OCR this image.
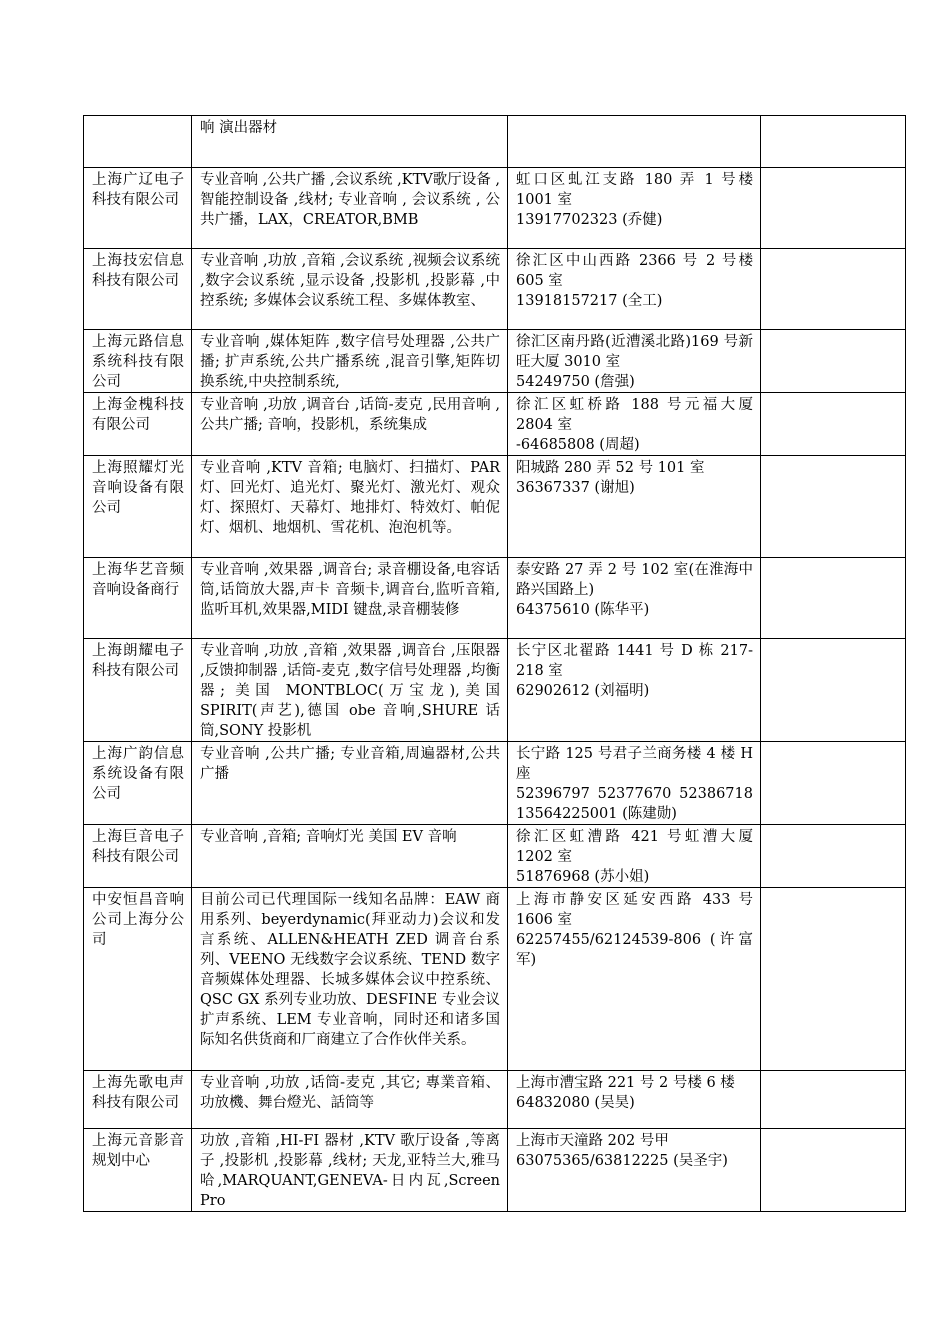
	响 演出器材		

上海广辽电子科技有限公司	专业音响 ,公共广播 ,会议系统 ,KTV歌厅设备 ,智能控制设备 ,线材; 专业音响 , 会议系统 , 公共广播，LAX，CREATOR,BMB	虹口区虬江支路 180 弄 1 号楼 1001 室
13917702323 (乔健)	

上海技宏信息科技有限公司	专业音响 ,功放 ,音箱 ,会议系统 ,视频会议系统 ,数字会议系统 ,显示设备 ,投影机 ,投影幕 ,中控系统; 多媒体会议系统工程、多媒体教室、	徐汇区中山西路 2366 号 2 号楼 605 室
13918157217 (全工)	

上海元路信息系统科技有限公司	专业音响 ,媒体矩阵 ,数字信号处理器 ,公共广播; 扩声系统,公共广播系统 ,混音引擎,矩阵切换系统,中央控制系统,	徐汇区南丹路(近漕溪北路)169 号新旺大厦 3010 室
54249750 (詹强)	

上海金槐科技有限公司	专业音响 ,功放 ,调音台 ,话筒-麦克 ,民用音响 ,公共广播; 音响，投影机，系统集成	徐汇区虹桥路 188 号元福大厦 2804 室
-64685808 (周超)	

上海照耀灯光音响设备有限公司	专业音响 ,KTV 音箱; 电脑灯、扫描灯、PAR 灯、回光灯、追光灯、聚光灯、激光灯、观众灯、探照灯、天幕灯、地排灯、特效灯、帕伲灯、烟机、地烟机、雪花机、泡泡机等。	阳城路 280 弄 52 号 101 室
36367337 (谢旭)	

上海华艺音频音响设备商行	专业音响 ,效果器 ,调音台; 录音棚设备,电容话筒,话筒放大器,声卡 音频卡,调音台,监听音箱,监听耳机,效果器,MIDI 键盘,录音棚装修	泰安路 27 弄 2 号 102 室(在淮海中路兴国路上)
64375610 (陈华平)	

上海朗耀电子科技有限公司	专业音响 ,功放 ,音箱 ,效果器 ,调音台 ,压限器 ,反馈抑制器 ,话筒-麦克 ,数字信号处理器 ,均衡器; 美国 MONTBLOC(万宝龙),美国 SPIRIT(声艺),德国 obe 音响,SHURE 话筒,SONY 投影机	长宁区北翟路 1441 号 D 栋 217-218 室
62902612 (刘福明)	

上海广韵信息系统设备有限公司	专业音响 ,公共广播; 专业音箱,周遍器材,公共广播	长宁路 125 号君子兰商务楼 4 楼 H 座
52396797 52377670 52386718 13564225001 (陈建勋)	

上海巨音电子科技有限公司	专业音响 ,音箱; 音响灯光 美国 EV 音响	徐汇区虹漕路 421 号虹漕大厦 1202 室
51876968 (苏小姐)	

中安恒昌音响公司上海分公司	目前公司已代理国际一线知名品牌：EAW 商用系列、beyerdynamic(拜亚动力)会议和发言系统、ALLEN&HEATH ZED 调音台系列、VEENO 无线数字会议系统、TEND 数字音频媒体处理器、长城多媒体会议中控系统、QSC GX 系列专业功放、DESFINE 专业会议扩声系统、LEM 专业音响，同时还和诸多国际知名供货商和厂商建立了合作伙伴关系。	上海市静安区延安西路 433 号 1606 室
62257455/62124539-806 (许富军)	

上海先歌电声科技有限公司	专业音响 ,功放 ,话筒-麦克 ,其它; 專業音箱、功放機、舞台燈光、話筒等	上海市漕宝路 221 号 2 号楼 6 楼
64832080 (吴昊)	

上海元音影音规划中心	功放 ,音箱 ,HI-FI 器材 ,KTV 歌厅设备 ,等离子 ,投影机 ,投影幕 ,线材; 天龙,亚特兰大,雅马哈,MARQUANT,GENEVA-日内瓦,Screen Pro	上海市天潼路 202 号甲
63075365/63812225 (吴圣宇)	
